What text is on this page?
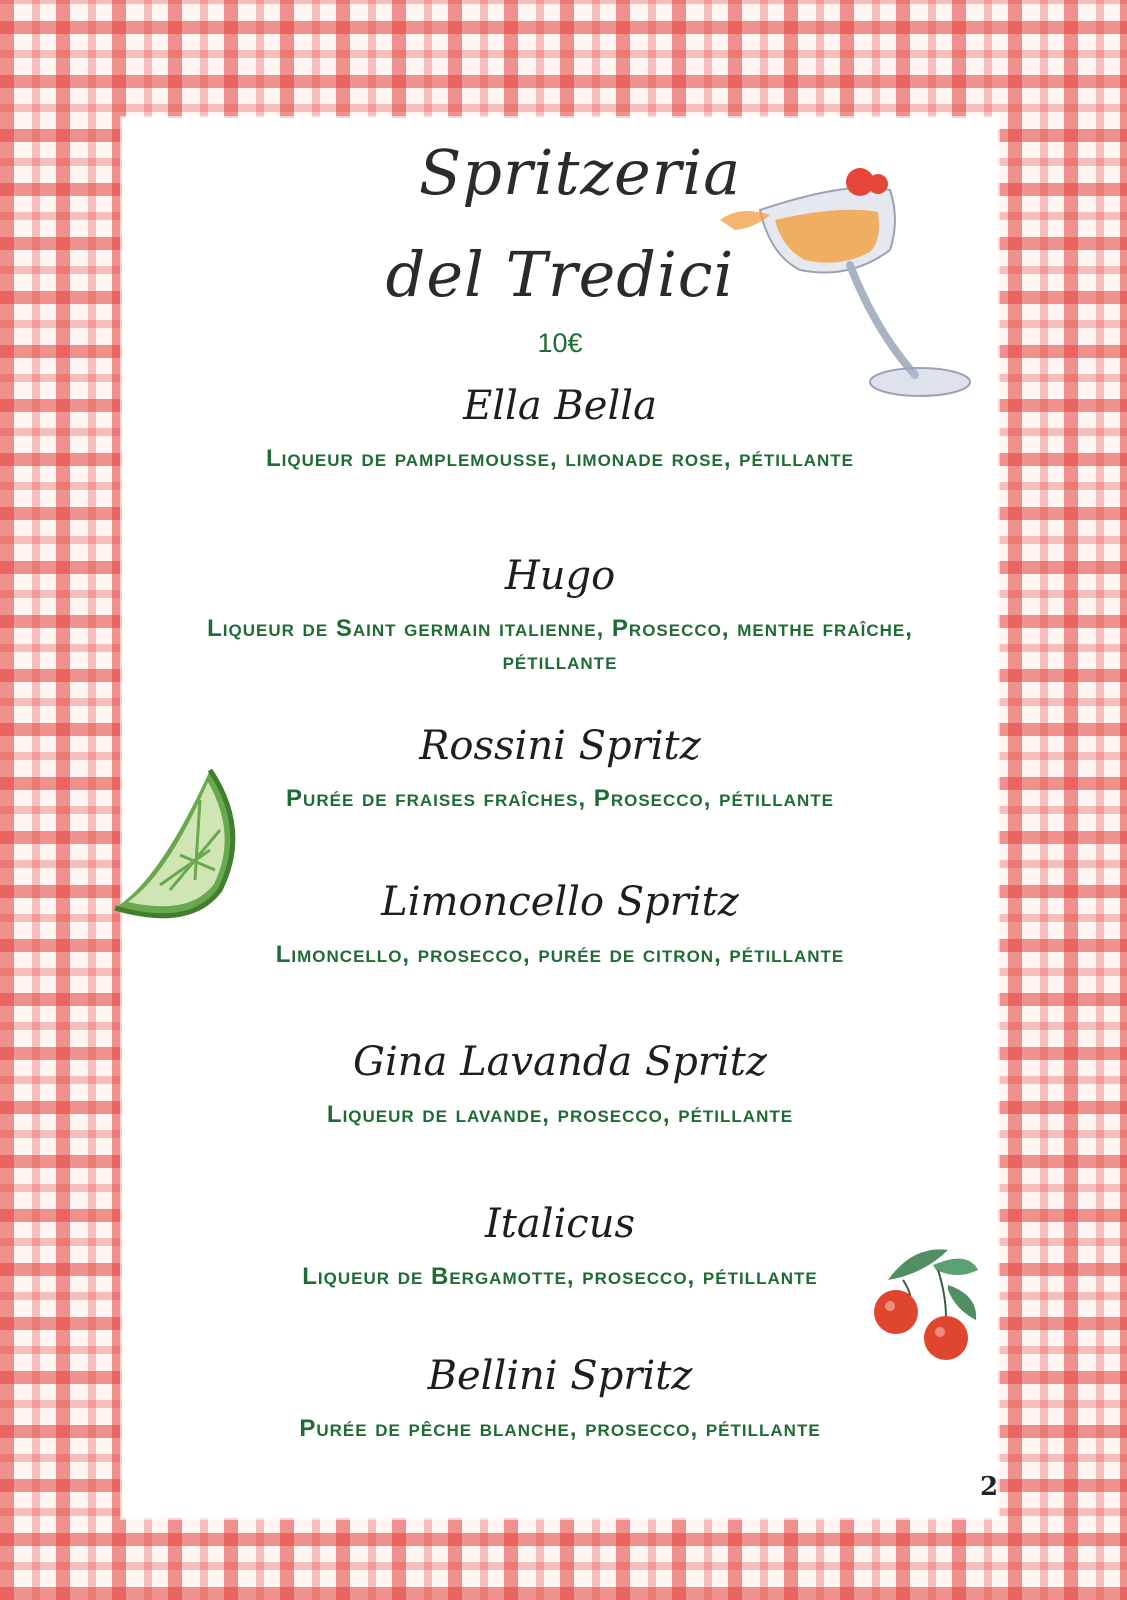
Spritzeria
del Tredici
10€
Ella Bella
Liqueur de pamplemousse, limonade rose, pétillante
Hugo
Liqueur de Saint germain italienne, Prosecco, menthe fraîche, pétillante
Rossini Spritz
Purée de fraises fraîches, Prosecco, pétillante
Limoncello Spritz
Limoncello, prosecco, purée de citron, pétillante
Gina Lavanda Spritz
Liqueur de lavande, prosecco, pétillante
Italicus
Liqueur de Bergamotte, prosecco, pétillante
Bellini Spritz
Purée de pêche blanche, prosecco, pétillante
2
